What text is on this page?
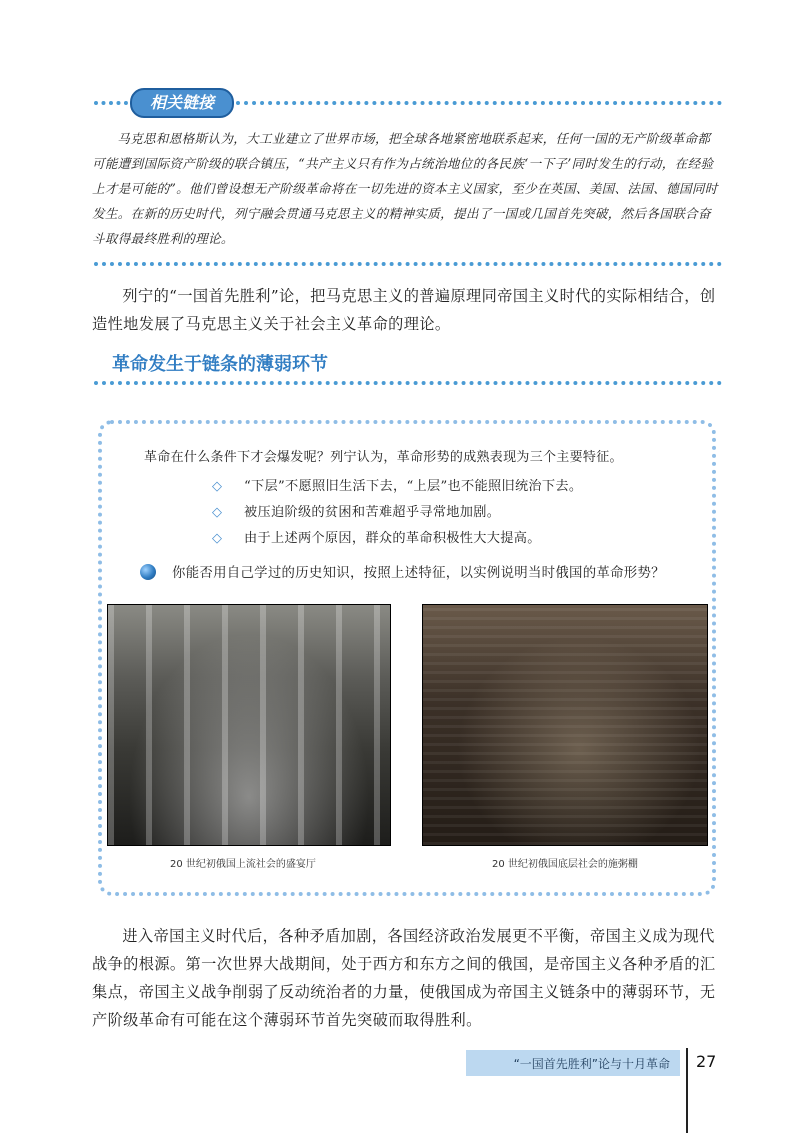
相关链接

马克思和恩格斯认为，大工业建立了世界市场，把全球各地紧密地联系起来，任何一国的无产阶级革命都可能遭到国际资产阶级的联合镇压，“共产主义只有作为占统治地位的各民族‘一下子’同时发生的行动，在经验上才是可能的”。他们曾设想无产阶级革命将在一切先进的资本主义国家，至少在英国、美国、法国、德国同时发生。在新的历史时代，列宁融会贯通马克思主义的精神实质，提出了一国或几国首先突破，然后各国联合奋斗取得最终胜利的理论。

列宁的“一国首先胜利”论，把马克思主义的普遍原理同帝国主义时代的实际相结合，创造性地发展了马克思主义关于社会主义革命的理论。

革命发生于链条的薄弱环节

革命在什么条件下才会爆发呢？列宁认为，革命形势的成熟表现为三个主要特征。

◇	“下层”不愿照旧生活下去，“上层”也不能照旧统治下去。
◇	被压迫阶级的贫困和苦难超乎寻常地加剧。
◇	由于上述两个原因，群众的革命积极性大大提高。
你能否用自己学过的历史知识，按照上述特征，以实例说明当时俄国的革命形势？

20 世纪初俄国上流社会的盛宴厅	20 世纪初俄国底层社会的施粥棚

进入帝国主义时代后，各种矛盾加剧，各国经济政治发展更不平衡，帝国主义成为现代战争的根源。第一次世界大战期间，处于西方和东方之间的俄国，是帝国主义各种矛盾的汇集点，帝国主义战争削弱了反动统治者的力量，使俄国成为帝国主义链条中的薄弱环节，无产阶级革命有可能在这个薄弱环节首先突破而取得胜利。

“一国首先胜利”论与十月革命 27
